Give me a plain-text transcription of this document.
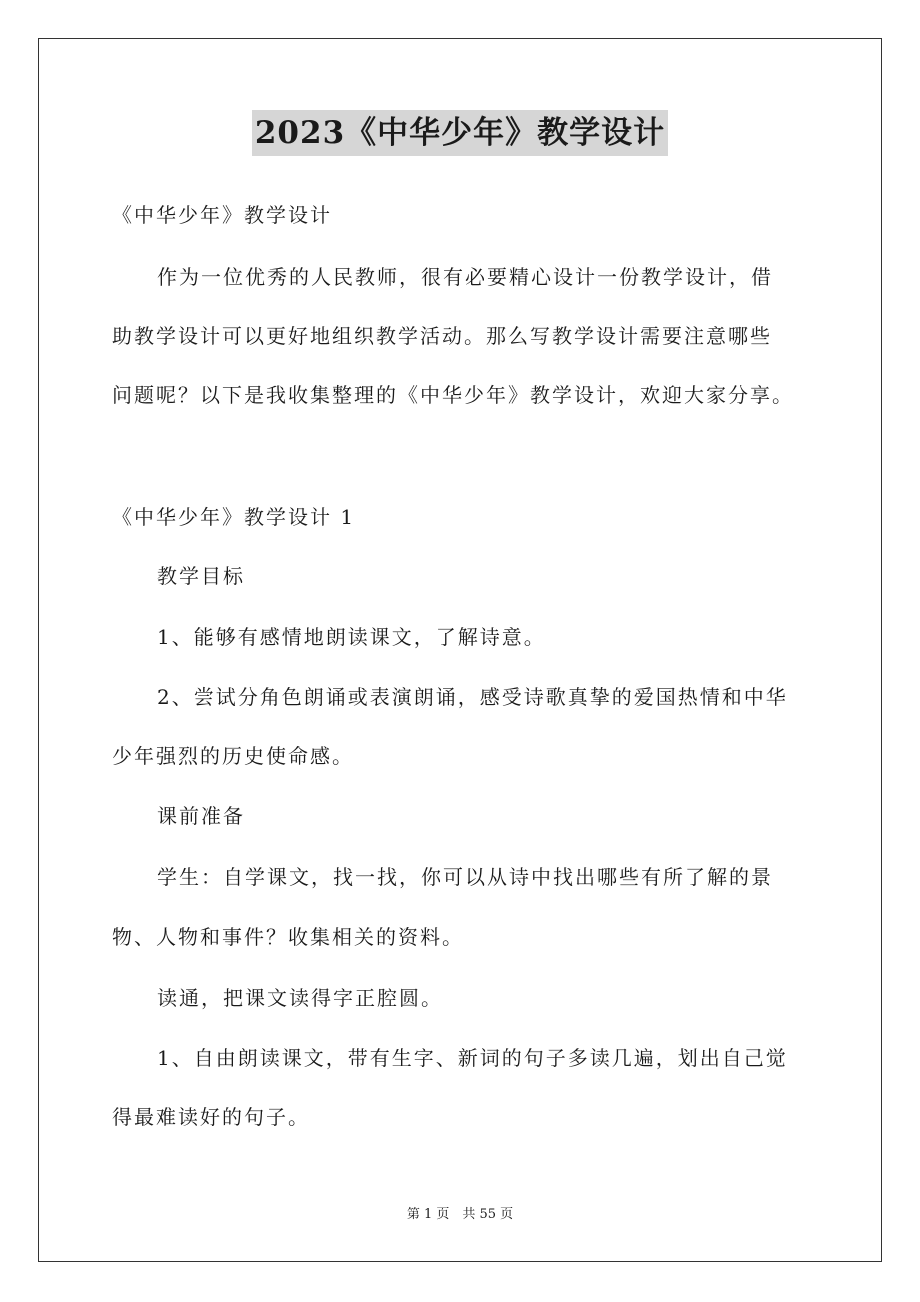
2023《中华少年》教学设计
《中华少年》教学设计
作为一位优秀的人民教师，很有必要精心设计一份教学设计，借
助教学设计可以更好地组织教学活动。那么写教学设计需要注意哪些
问题呢？以下是我收集整理的《中华少年》教学设计，欢迎大家分享。
《中华少年》教学设计 1
教学目标
1、能够有感情地朗读课文，了解诗意。
2、尝试分角色朗诵或表演朗诵，感受诗歌真挚的爱国热情和中华
少年强烈的历史使命感。
课前准备
学生：自学课文，找一找，你可以从诗中找出哪些有所了解的景
物、人物和事件？收集相关的资料。
读通，把课文读得字正腔圆。
1、自由朗读课文，带有生字、新词的句子多读几遍，划出自己觉
得最难读好的句子。
第 1 页　共 55 页
